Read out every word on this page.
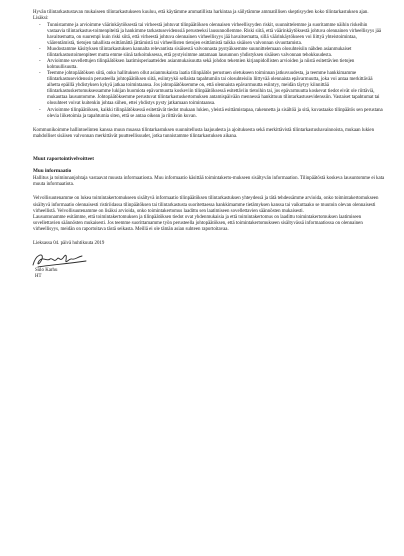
Hyvän tilintarkastustavan mukaiseen tilintarkastukseen kuuluu, että käytämme ammatillista harkintaa ja säilytämme ammatillisen skeptisyyden koko tilintarkastuksen ajan. Lisäksi:

- Tunnistamme ja arvioimme väärinkäytöksestä tai virheestä johtuvat tilinpäätöksen olennaisen virheellisyyden riskit, suunnittelemme ja suoritamme näihin riskeihin vastaavia tilintarkastus-toimenpiteitä ja hankimme tarkastusevidenssiä perusteeksi lausunnollemme. Riski siitä, että väärinkäytöksestä johtuva olennainen virheellisyys jää havaitsematta, on suurempi kuin riski siitä, että virheestä johtuva olennainen virheellisyys jää havaitsematta, sillä väärinkäytökseen voi liittyä yhteistoimintaa, väärentämistä, tietojen tahallista esittämättä jättämistä tai virheellisten tietojen esittämistä taikka sisäisen valvonnan sivuuttamista.
- Muodostamme käsityksen tilintarkastuksen kannalta relevantista sisäisestä valvonnasta pystyäksemme suunnittelemaan olosuhteisiin nähden asianmukaiset tilintarkastustoimenpiteet mutta emme siinä tarkoituksessa, että pystyisimme antamaan lausunnon yhdistyksen sisäisen valvonnan tehokkuudesta.
- Arvioimme sovellettujen tilinpäätöksen laatimisperiaatteiden asianmukaisuutta sekä johdon tekemien kirjanpidollisten arvioiden ja niistä esitettävien tietojen kohtuullisuutta.
- Teemme johtopäätöksen siitä, onko hallituksen ollut asianmukaista laatia tilinpäätös perustuen oletukseen toiminnan jatkuvuudesta, ja teemme hankkimamme tilintarkastusevidenssin perusteella johtopäätöksen siitä, esiintyykö sellaista tapahtumiin tai olosuhteisiin liittyvää olennaista epävarmuutta, joka voi antaa merkittävää aihetta epäillä yhdistyksen kykyä jatkaa toimintaansa. Jos johtopäätöksemme on, että olennaista epävarmuutta esiintyy, meidän täytyy kiinnittää tilintarkastuskertomuksessamme lukijan huomiota epävarmuutta koskeviin tilinpäätöksessä esitettäviin tietoihin tai, jos epävarmuutta koskevat tiedot eivät ole riittäviä, mukauttaa lausuntomme. Johtopäätöksemme perustuvat tilintarkastuskertomuksen antamispäivään mennessä hankittuun tilintarkastusevidenssiin. Vastaiset tapahtumat tai olosuhteet voivat kuitenkin johtaa siihen, ettei yhdistys pysty jatkamaan toimintaansa.
- Arvioimme tilinpäätöksen, kaikki tilinpäätöksessä esitettävät tiedot mukaan lukien, yleistä esittämistapaa, rakennetta ja sisältöä ja sitä, kuvastaako tilinpäätös sen perustana olevia liiketoimia ja tapahtumia siten, että se antaa oikean ja riittävän kuvan.

Kommunikoimme hallintoelinten kanssa muun muassa tilintarkastuksen suunnitellusta laajuudesta ja ajoituksesta sekä merkittävistä tilintarkastushavainnoista, mukaan lukien mahdolliset sisäisen valvonnan merkittävät puutteellisuudet, jotka tunnistamme tilintarkastuksen aikana.

Muut raportointivelvoitteet
Muu informaatio

Hallitus ja toiminnanjohtaja vastaavat muusta informaatiosta. Muu informaatio käsittää toimintakerto-mukseen sisältyvän informaation. Tilinpäätöstä koskeva lausuntomme ei kata muuta informaatiota.

Velvollisuutenamme on lukea toimintakertomukseen sisältyvä informaatio tilinpäätöksen tilintarkastuksen yhteydessä ja tätä tehdessämme arvioida, onko toimintakertomukseen sisältyvä informaatio olennaisesti ristiriidassa tilinpäätöksen tai tilintarkastusta suoritettaessa hankkimamme tietämyksen kanssa tai vaikuttaako se muutoin olevan olennaisesti virheellistä. Velvollisuutenamme on lisäksi arvioida, onko toimintakertomus laadittu sen laatimiseen sovellettavien säännösten mukaisesti.

Lausuntonamme esitämme, että toimintakertomuksen ja tilinpäätöksen tiedot ovat yhdenmukaisia ja että toimintakertomus on laadittu toimintakertomuksen laatimiseen sovellettavien säännösten mukaisesti. Jos teemme suorittamamme työn perusteella johtopäätöksen, että toimintakertomukseen sisältyvässä informaatiossa on olennainen virheellisyys, meidän on raportoitava tästä seikasta. Meillä ei ole tämän asian suhteen raportoitavaa.

Lieksassa 04. päivä huhtikuuta 2019

Sulo Karhu

HT
